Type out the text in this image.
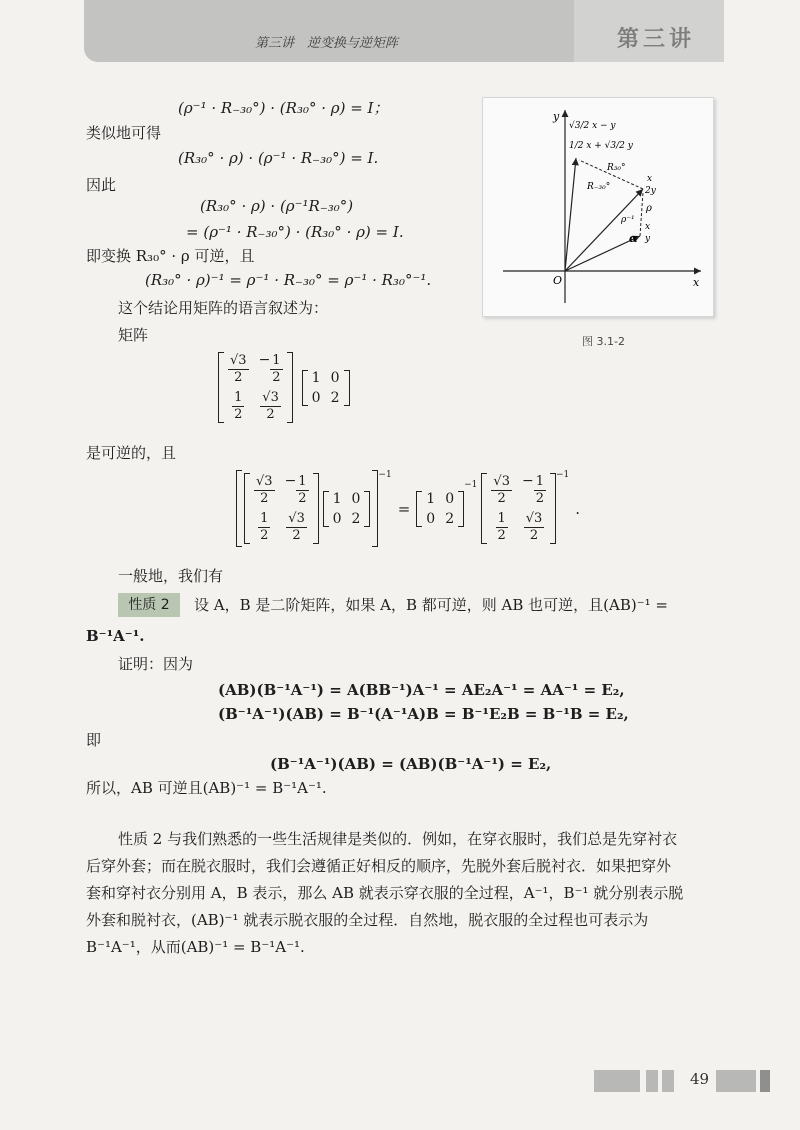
第三讲　逆变换与逆矩阵	第三讲
(ρ⁻¹ · R₋₃₀°) · (R₃₀° · ρ) = I；
类似地可得
(R₃₀° · ρ) · (ρ⁻¹ · R₋₃₀°) = I.
因此
(R₃₀° · ρ) · (ρ⁻¹R₋₃₀°)
= (ρ⁻¹ · R₋₃₀°) · (R₃₀° · ρ) = I.
即变换 R₃₀° · ρ 可逆，且
(R₃₀° · ρ)⁻¹ = ρ⁻¹ · R₋₃₀° = ρ⁻¹ · R₃₀°⁻¹.
这个结论用矩阵的语言叙述为：
矩阵
y
x
O
√3/2 x − y
1/2 x + √3/2 y
R₃₀°
R₋₃₀°
x
2y
ρ
ρ⁻¹
α
x
y
图 3.1-2
$\frac{√3}{2} - \frac{1}{2}$
$\frac{1}{2} \frac{√3}{2}$

1 0
0 2
是可逆的，且
$\frac{√3}{2} - \frac{1}{2}$
$\frac{1}{2} \frac{√3}{2}$
1 0
0 2
$^{-1}$
=
1 0
0 2
$-1 \frac{√3}{2} - \frac{1}{2}$
$\frac{1}{2} \frac{√3}{2}$
$^{-1}$
.
一般地，我们有
性质 2	设 A，B 是二阶矩阵，如果 A，B 都可逆，则 AB 也可逆，且(AB)⁻¹ =
B⁻¹A⁻¹.
证明：因为
(AB)(B⁻¹A⁻¹) = A(BB⁻¹)A⁻¹ = AE₂A⁻¹ = AA⁻¹ = E₂,
(B⁻¹A⁻¹)(AB) = B⁻¹(A⁻¹A)B = B⁻¹E₂B = B⁻¹B = E₂,
即
(B⁻¹A⁻¹)(AB) = (AB)(B⁻¹A⁻¹) = E₂,
所以，AB 可逆且(AB)⁻¹ = B⁻¹A⁻¹.
性质 2 与我们熟悉的一些生活规律是类似的．例如，在穿衣服时，我们总是先穿衬衣
后穿外套；而在脱衣服时，我们会遵循正好相反的顺序，先脱外套后脱衬衣．如果把穿外
套和穿衬衣分别用 A，B 表示，那么 AB 就表示穿衣服的全过程，A⁻¹，B⁻¹ 就分别表示脱
外套和脱衬衣，(AB)⁻¹ 就表示脱衣服的全过程．自然地，脱衣服的全过程也可表示为
B⁻¹A⁻¹，从而(AB)⁻¹ = B⁻¹A⁻¹.
49
